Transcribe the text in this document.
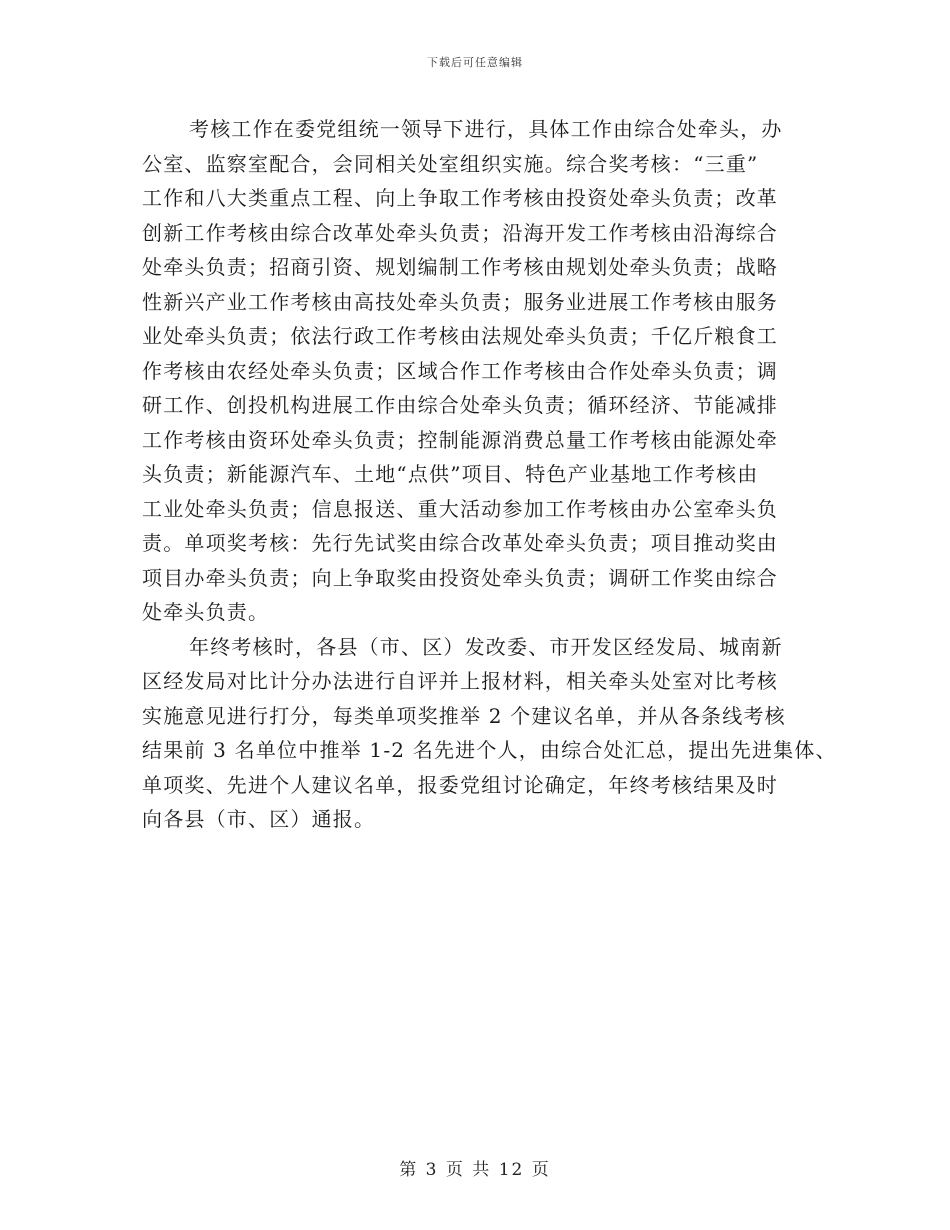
下载后可任意编辑
考核工作在委党组统一领导下进行，具体工作由综合处牵头，办
公室、监察室配合，会同相关处室组织实施。综合奖考核：“三重”
工作和八大类重点工程、向上争取工作考核由投资处牵头负责；改革
创新工作考核由综合改革处牵头负责；沿海开发工作考核由沿海综合
处牵头负责；招商引资、规划编制工作考核由规划处牵头负责；战略
性新兴产业工作考核由高技处牵头负责；服务业进展工作考核由服务
业处牵头负责；依法行政工作考核由法规处牵头负责；千亿斤粮食工
作考核由农经处牵头负责；区域合作工作考核由合作处牵头负责；调
研工作、创投机构进展工作由综合处牵头负责；循环经济、节能减排
工作考核由资环处牵头负责；控制能源消费总量工作考核由能源处牵
头负责；新能源汽车、土地“点供”项目、特色产业基地工作考核由
工业处牵头负责；信息报送、重大活动参加工作考核由办公室牵头负
责。单项奖考核：先行先试奖由综合改革处牵头负责；项目推动奖由
项目办牵头负责；向上争取奖由投资处牵头负责；调研工作奖由综合
处牵头负责。
年终考核时，各县（市、区）发改委、市开发区经发局、城南新
区经发局对比计分办法进行自评并上报材料，相关牵头处室对比考核
实施意见进行打分，每类单项奖推举 2 个建议名单，并从各条线考核
结果前 3 名单位中推举 1-2 名先进个人，由综合处汇总，提出先进集体、
单项奖、先进个人建议名单，报委党组讨论确定，年终考核结果及时
向各县（市、区）通报。
第 3 页 共 12 页
